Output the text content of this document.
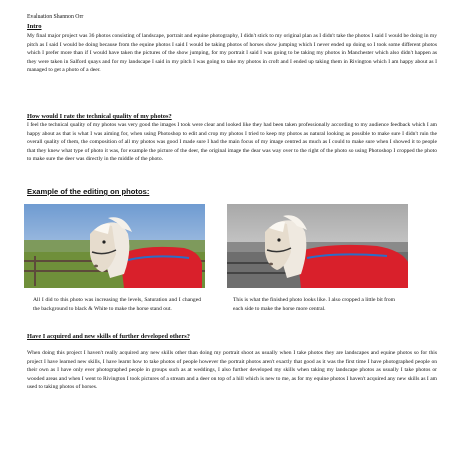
Evaluation Shannon Orr
Intro
My final major project was 36 photos consisting of landscape, portrait and equine photography, I didn't stick to my original plan as I didn't take the photos I said I would be doing in my pitch as I said I would be doing because from the equine photos I said I would be taking photos of horses show jumping which I never ended up doing so I took some different photos which I prefer more than if I would have taken the pictures of the show jumping, for my portrait I said I was going to be taking my photos in Manchester which also didn't happen as they were taken in Salford quays and for my landscape I said in my pitch I was going to take my photos in croft and I ended up taking them in Rivington which I am happy about as I managed to get a photo of a deer.
How would I rate the technical quality of my photos?
I feel the technical quality of my photos was very good the images I took were clear and looked like they had been taken professionally according to my audience feedback which I am happy about as that is what I was aiming for, when using Photoshop to edit and crop my photos I tried to keep my photos as natural looking as possible to make sure I didn't ruin the overall quality of them, the composition of all my photos was good I made sure I had the main focus of my image centred as much as I could to make sure when I showed it to people that they knew what type of photo it was, for example the picture of the deer, the original image the dear was way over to the right of the photo so using Photoshop I cropped the photo to make sure the deer was directly in the middle of the photo.
Example of the editing on photos:
All I did to this photo was increasing the levels, Saturation and I changed the background to black & White to make the horse stand out.
This is what the finished photo looks like. I also cropped a little bit from each side to make the horse more central.
Have I acquired and new skills of further developed others?
When doing this project I haven't really acquired any new skills other than doing my portrait shoot as usually when I take photos they are landscapes and equine photos so for this project I have learned new skills, I have learnt how to take photos of people however the portrait photos aren't exactly that good as it was the first time I have photographed people on their own as I have only ever photographed people in groups such as at weddings, I also further developed my skills when taking my landscape photos as usually I take photos or wooded areas and when I went to Rivington I took pictures of a stream and a deer on top of a hill which is new to me, as for my equine photos I haven't acquired any new skills as I am used to taking photos of horses.
